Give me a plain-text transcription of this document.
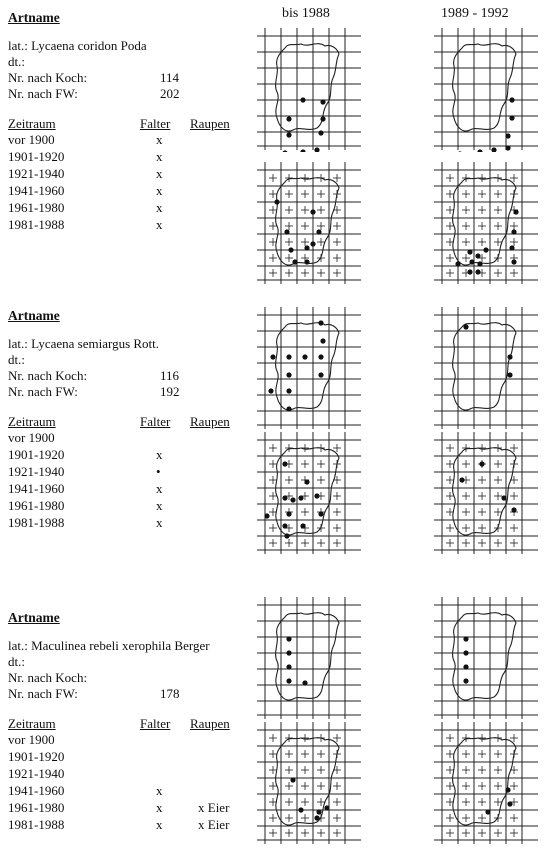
bis 1988	1989 - 1992
Artname
lat.: Lycaena coridon Poda
dt.:
Nr. nach Koch:	114
Nr. nach FW:	202
Zeitraum	Falter Raupen
vor 1900	x
1901-1920	x
1921-1940	x
1941-1960	x
1961-1980	x
1981-1988	x
Artname
lat.: Lycaena semiargus Rott.
dt.:
Nr. nach Koch:	116
Nr. nach FW:	192
Zeitraum	Falter Raupen
vor 1900
1901-1920	x
1921-1940	•
1941-1960	x
1961-1980	x
1981-1988	x
Artname
lat.: Maculinea rebeli xerophila Berger
dt.:
Nr. nach Koch:
Nr. nach FW:	178
Zeitraum	Falter Raupen
vor 1900
1901-1920
1921-1940
1941-1960	x
1961-1980	x	x Eier
1981-1988	x	x Eier
